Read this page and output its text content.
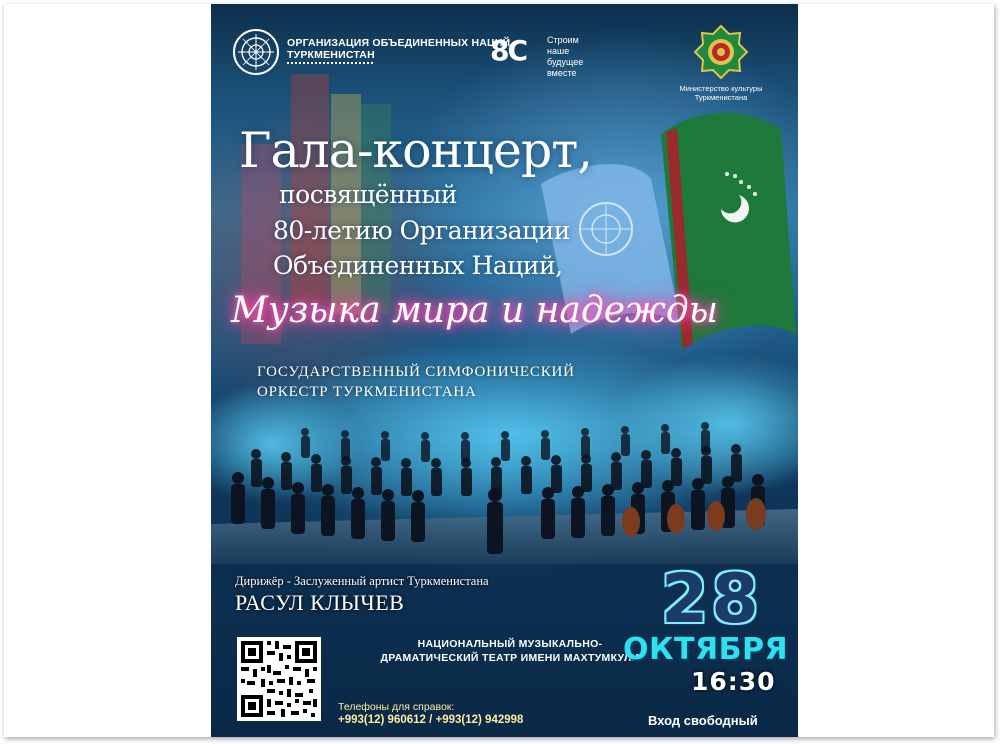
ОРГАНИЗАЦИЯ ОБЪЕДИНЕННЫХ НАЦИЙ
ТУРКМЕНИСТАН	8C Строим
наше будущее
вместе
Министерство культуры
Туркменистана
Гала-концерт,
посвящённый
80-летию Организации
Объединенных Наций,
Музыка мира и надежды
ГОСУДАРСТВЕННЫЙ СИМФОНИЧЕСКИЙ
ОРКЕСТР ТУРКМЕНИСТАНА
Дирижёр - Заслуженный артист Туркменистана
РАСУЛ КЛЫЧЕВ
НАЦИОНАЛЬНЫЙ МУЗЫКАЛЬНО-
ДРАМАТИЧЕСКИЙ ТЕАТР ИМЕНИ МАХТУМКУЛИ
28
ОКТЯБРЯ
16:30
Телефоны для справок:
+993(12) 960612 / +993(12) 942998	Вход свободный
